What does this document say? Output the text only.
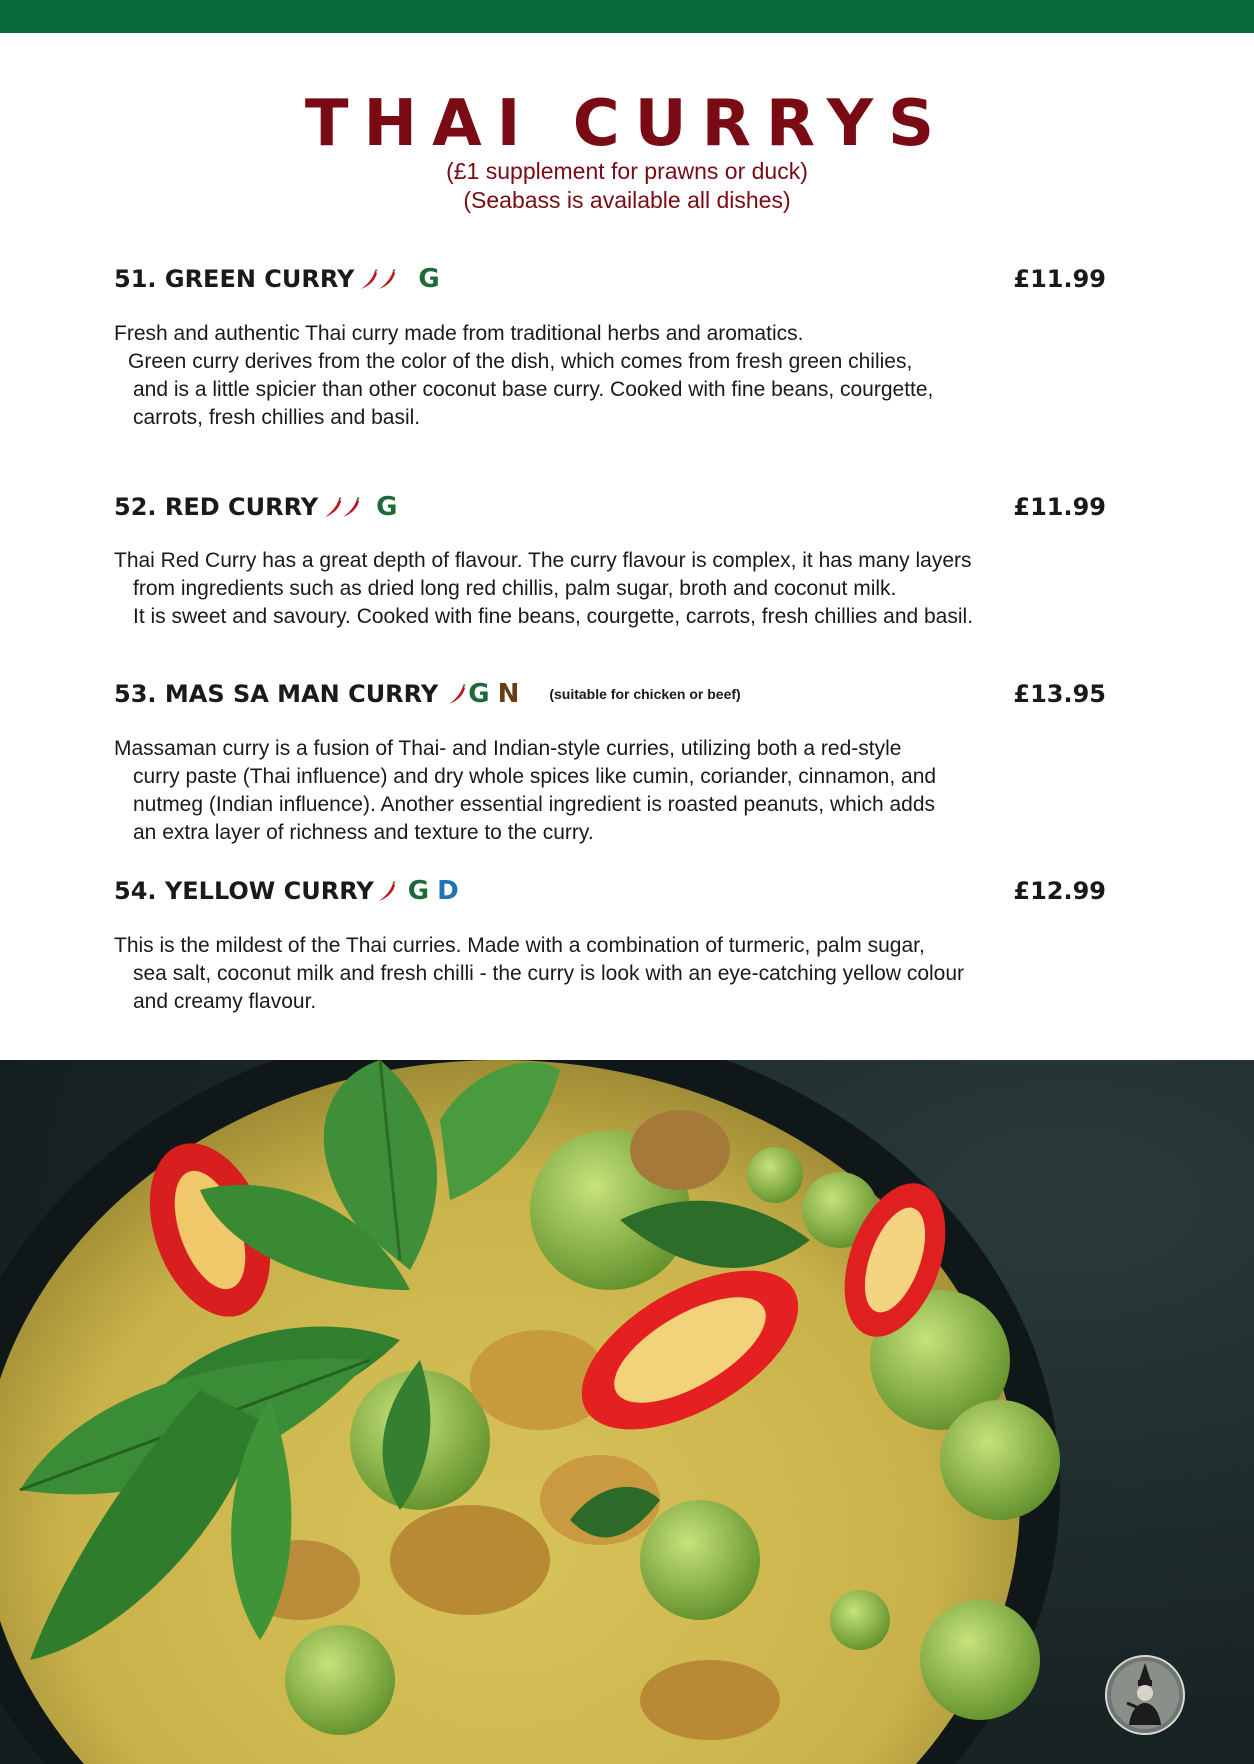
THAI CURRYS
(£1 supplement for prawns or duck)
(Seabass is available all dishes)
51. GREEN CURRY G	£11.99
Fresh and authentic Thai curry made from traditional herbs and aromatics.
Green curry derives from the color of the dish, which comes from fresh green chilies,
and is a little spicier than other coconut base curry. Cooked with fine beans, courgette,
carrots, fresh chillies and basil.
52. RED CURRY G	£11.99
Thai Red Curry has a great depth of flavour. The curry flavour is complex, it has many layers
from ingredients such as dried long red chillis, palm sugar, broth and coconut milk.
It is sweet and savoury. Cooked with fine beans, courgette, carrots, fresh chillies and basil.
53. MAS SA MAN CURRY G N (suitable for chicken or beef)	£13.95
Massaman curry is a fusion of Thai- and Indian-style curries, utilizing both a red-style
curry paste (Thai influence) and dry whole spices like cumin, coriander, cinnamon, and
nutmeg (Indian influence). Another essential ingredient is roasted peanuts, which adds
an extra layer of richness and texture to the curry.
54. YELLOW CURRY G D	£12.99
This is the mildest of the Thai curries. Made with a combination of turmeric, palm sugar,
sea salt, coconut milk and fresh chilli - the curry is look with an eye-catching yellow colour
and creamy flavour.
